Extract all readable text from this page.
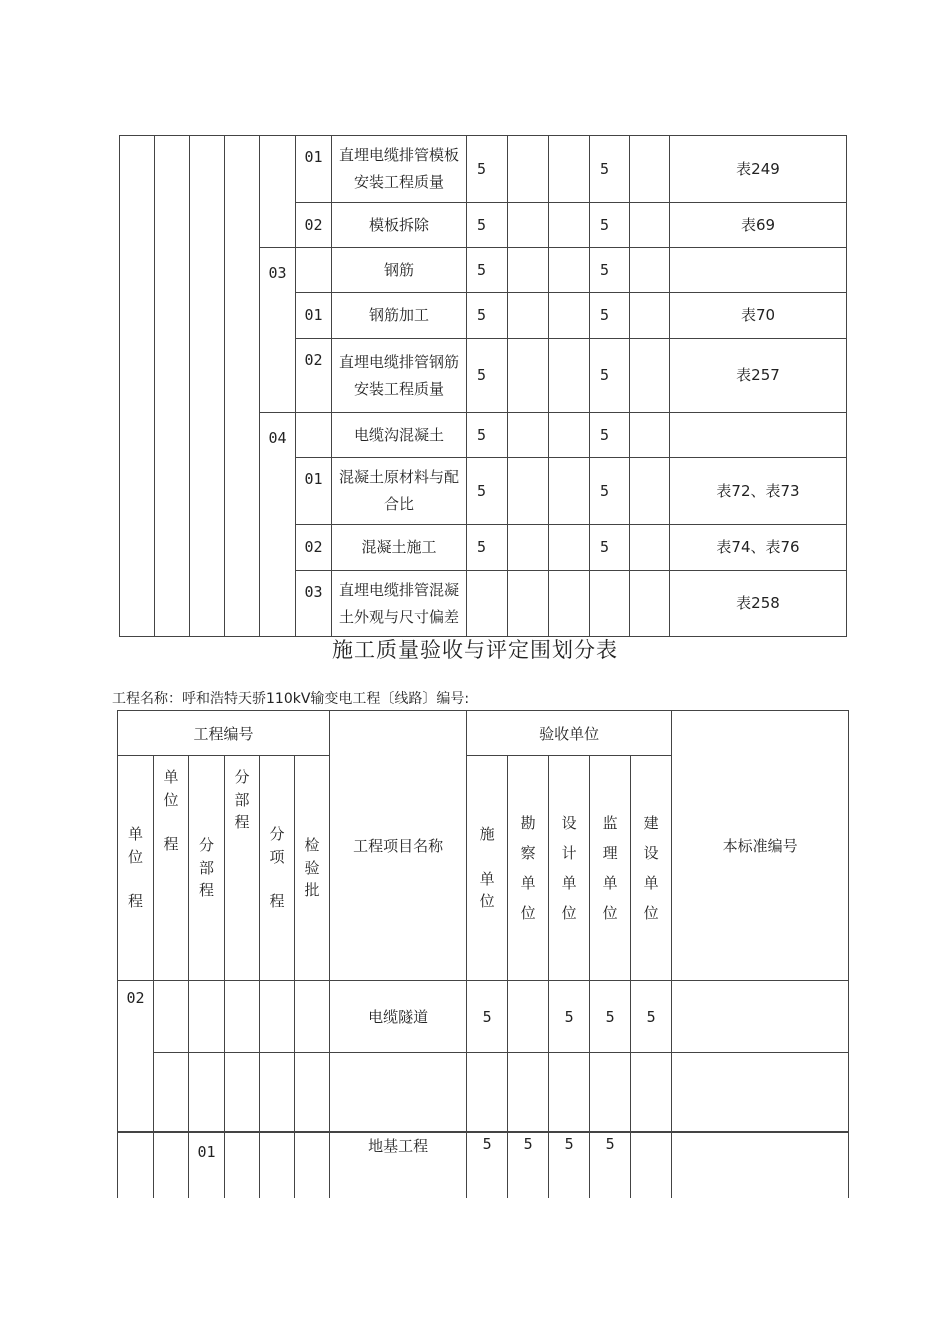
					01	直埋电缆排管模板安装工程质量	5			5		表249
					02	模板拆除	5			5		表69
				03		钢筋	5			5		
					01	钢筋加工	5			5		表70
					02	直埋电缆排管钢筋安装工程质量	5			5		表257
				04		电缆沟混凝土	5			5		
					01	混凝土原材料与配合比	5			5		表72、表73
					02	混凝土施工	5			5		表74、表76
					03	直埋电缆排管混凝土外观与尺寸偏差						表258
施工质量验收与评定围划分表
工程名称：呼和浩特天骄110kV输变电工程〔线路〕编号:
工程编号						工程项目名称	验收单位					本标准编号

单
位
程	单
位
程	分
部
程	分
部
程	分
项
程	检
验
批		施
单
位	勘
察
单
位	设
计
单
位	监
理
单
位	建
设
单
位	

02						电缆隧道	5		5	5	5	

		01				地基工程	5	5	5	5		
